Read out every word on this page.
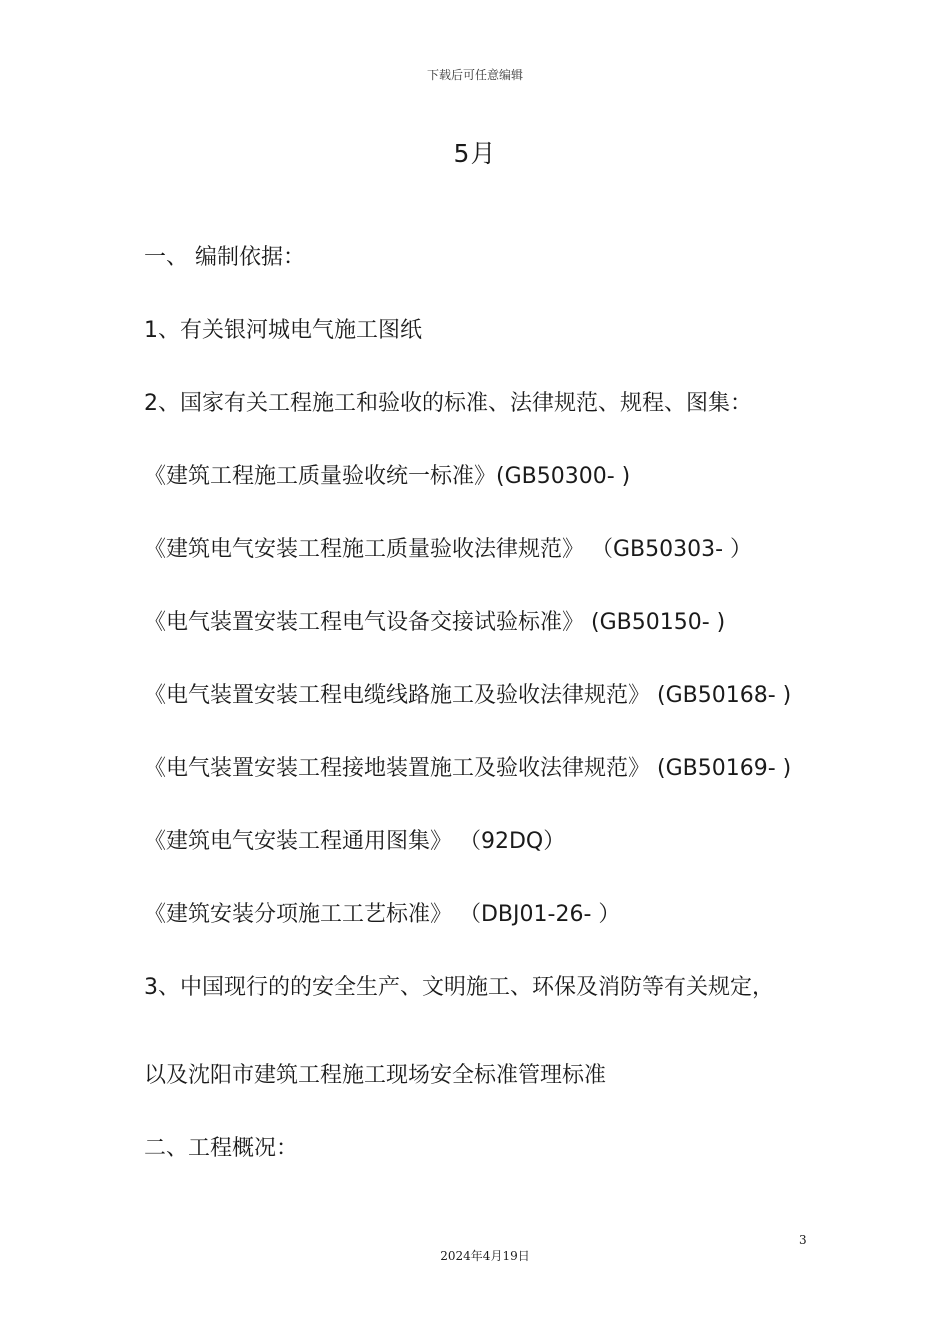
下载后可任意编辑
5月
一、 编制依据：
1、有关银河城电气施工图纸
2、国家有关工程施工和验收的标准、法律规范、规程、图集：
《建筑工程施工质量验收统一标准》(GB50300- )
《建筑电气安装工程施工质量验收法律规范》 （GB50303- ）
《电气装置安装工程电气设备交接试验标准》 (GB50150- )
《电气装置安装工程电缆线路施工及验收法律规范》 (GB50168- )
《电气装置安装工程接地装置施工及验收法律规范》 (GB50169- )
《建筑电气安装工程通用图集》 （92DQ）
《建筑安装分项施工工艺标准》 （DBJ01-26- ）
3、中国现行的的安全生产、文明施工、环保及消防等有关规定，
以及沈阳市建筑工程施工现场安全标准管理标准
二、工程概况：
3
2024年4月19日
